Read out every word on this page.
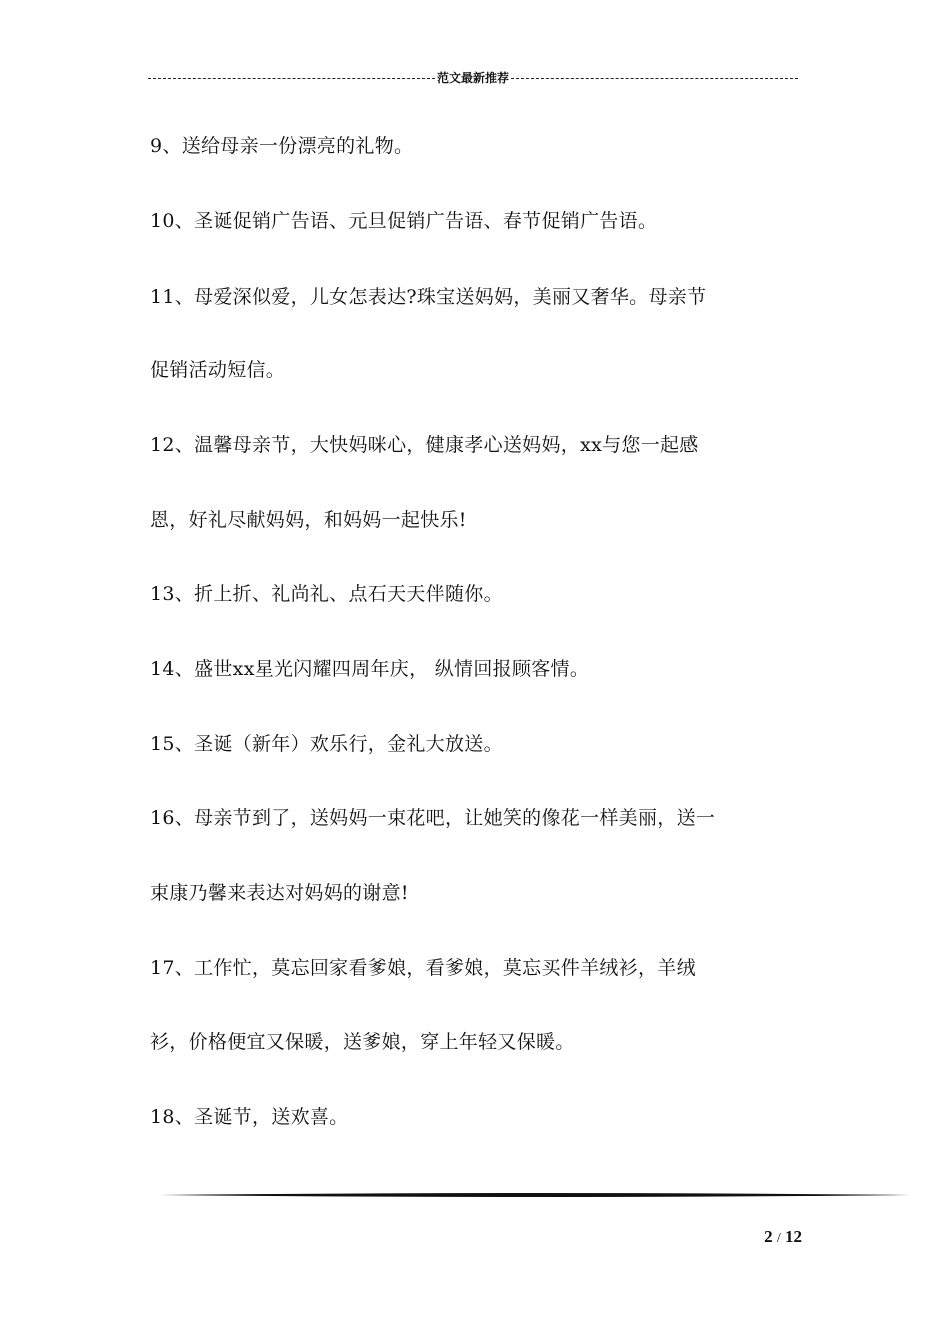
范文最新推荐
9、送给母亲一份漂亮的礼物。
10、圣诞促销广告语、元旦促销广告语、春节促销广告语。
11、母爱深似爱，儿女怎表达?珠宝送妈妈，美丽又奢华。母亲节
促销活动短信。
12、温馨母亲节，大快妈咪心，健康孝心送妈妈，xx与您一起感
恩，好礼尽献妈妈，和妈妈一起快乐!
13、折上折、礼尚礼、点石天天伴随你。
14、盛世xx星光闪耀四周年庆， 纵情回报顾客情。
15、圣诞（新年）欢乐行，金礼大放送。
16、母亲节到了，送妈妈一束花吧，让她笑的像花一样美丽，送一
束康乃馨来表达对妈妈的谢意!
17、工作忙，莫忘回家看爹娘，看爹娘，莫忘买件羊绒衫，羊绒
衫，价格便宜又保暖，送爹娘，穿上年轻又保暖。
18、圣诞节，送欢喜。
2 / 12
